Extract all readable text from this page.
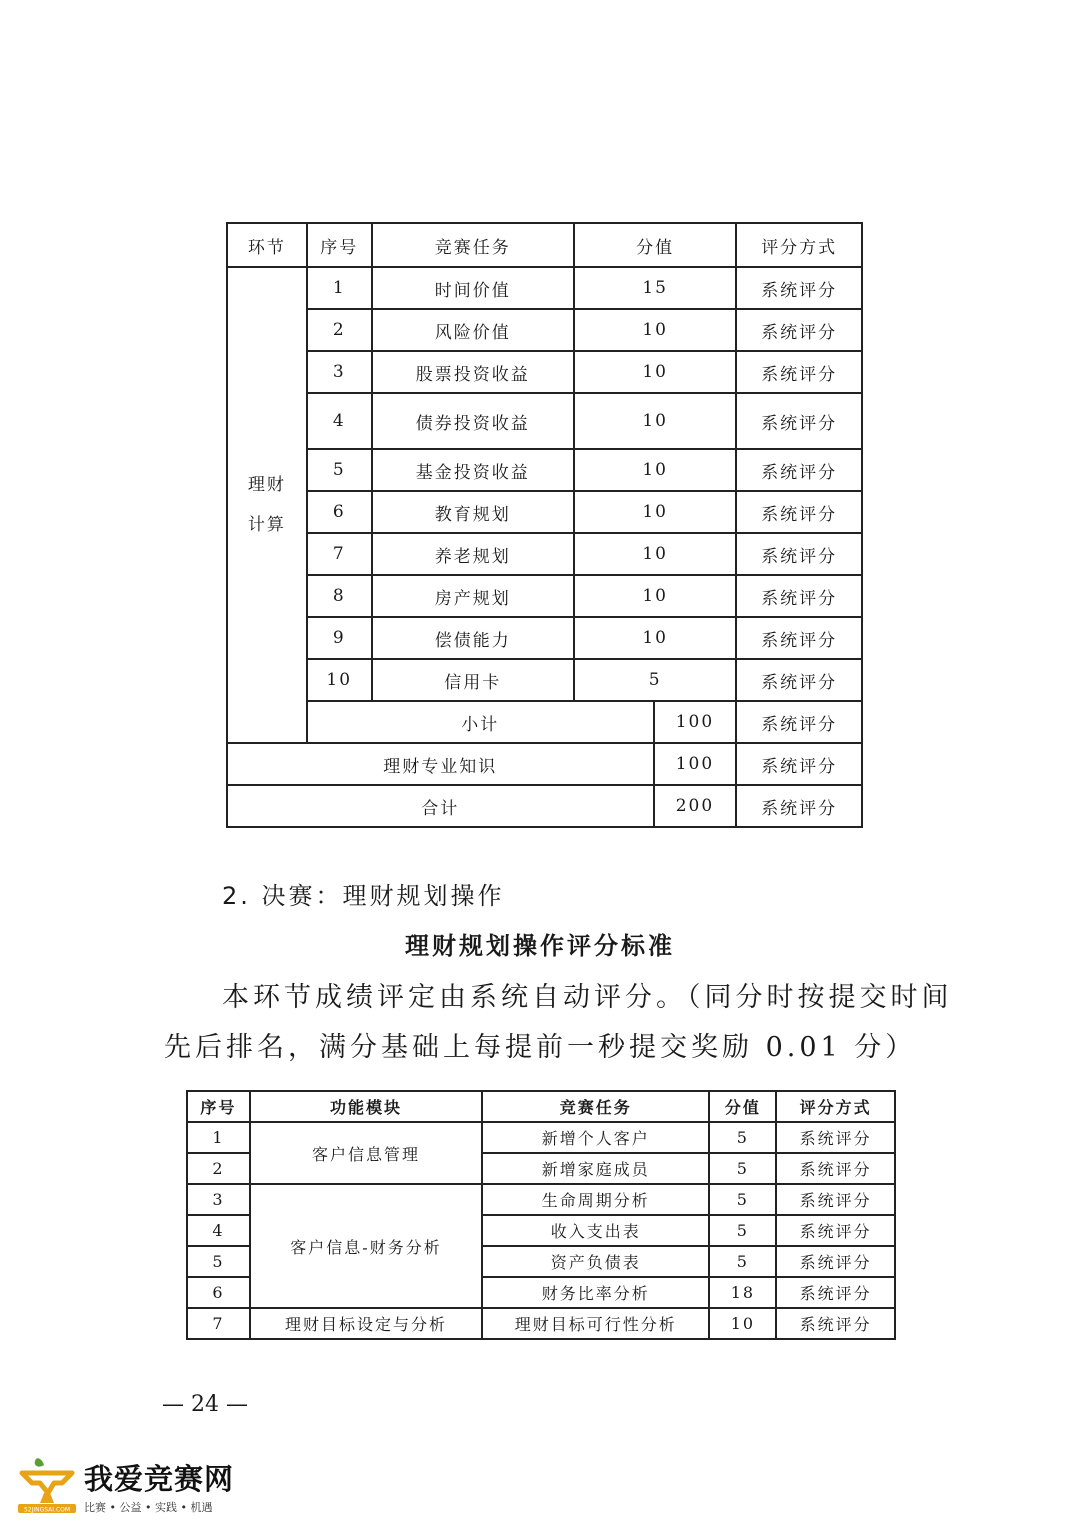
环节	序号	竞赛任务	分值		评分方式
理财计算	1	时间价值	15		系统评分
	2	风险价值	10		系统评分
	3	股票投资收益	10		系统评分
	4	债券投资收益	10		系统评分
	5	基金投资收益	10		系统评分
	6	教育规划	10		系统评分
	7	养老规划	10		系统评分
	8	房产规划	10		系统评分
	9	偿债能力	10		系统评分
	10	信用卡	5		系统评分
	小计			100	系统评分
理财专业知识				100	系统评分
合计				200	系统评分
2. 决赛：理财规划操作
理财规划操作评分标准
本环节成绩评定由系统自动评分。（同分时按提交时间
先后排名，满分基础上每提前一秒提交奖励 0.01 分）
序号	功能模块	竞赛任务	分值	评分方式
1	客户信息管理	新增个人客户	5	系统评分
2		新增家庭成员	5	系统评分
3	客户信息-财务分析	生命周期分析	5	系统评分
4		收入支出表	5	系统评分
5		资产负债表	5	系统评分
6		财务比率分析	18	系统评分
7	理财目标设定与分析	理财目标可行性分析	10	系统评分
— 24 —
52JINGSAI.COM
我爱竞赛网
比赛 • 公益 • 实践 • 机遇
